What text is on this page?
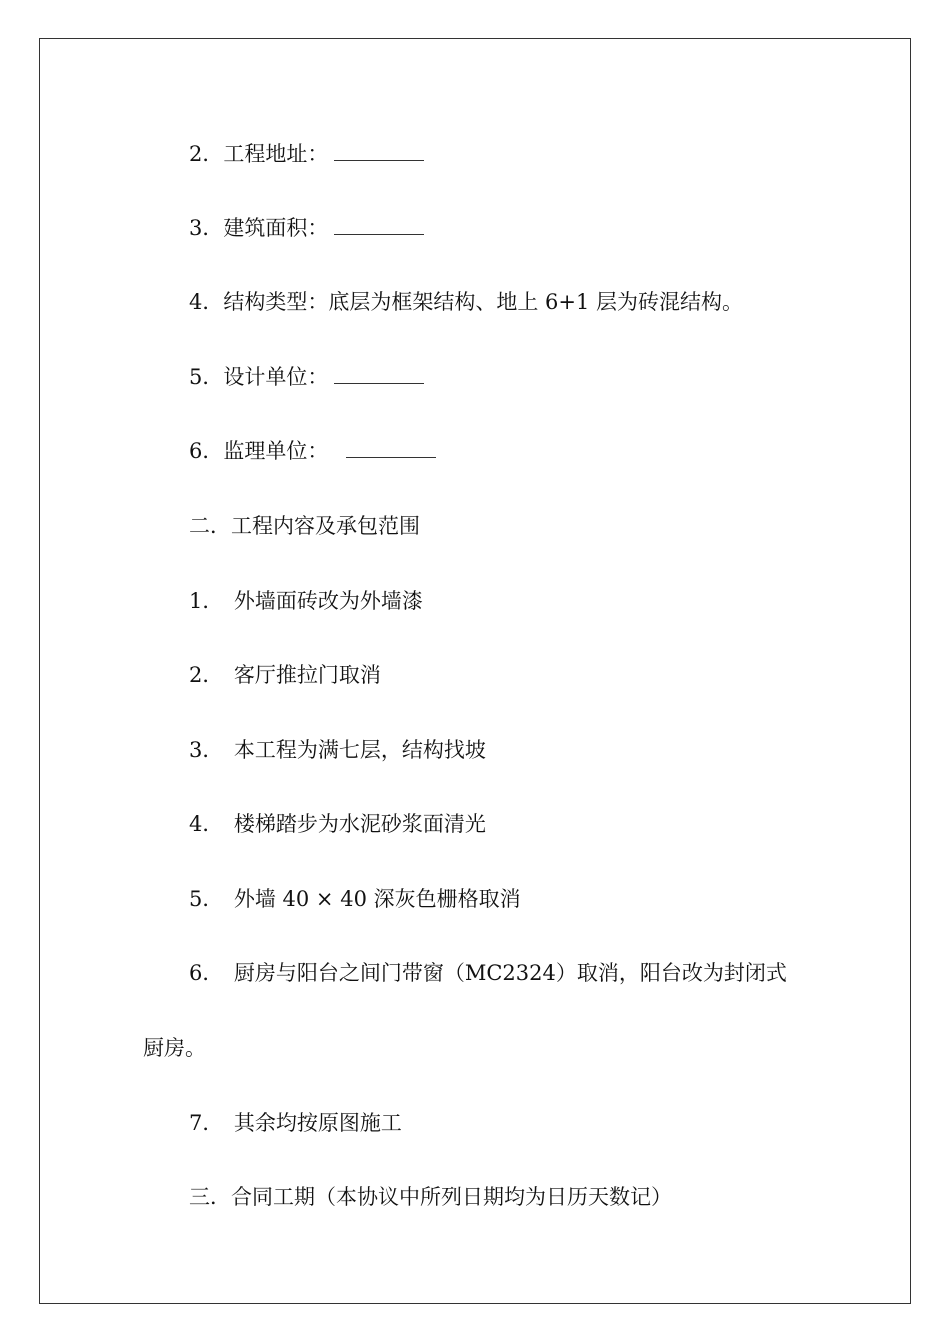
2．工程地址：
3．建筑面积：
4．结构类型：底层为框架结构、地上 6+1 层为砖混结构。
5．设计单位：
6．监理单位：
二．工程内容及承包范围
1．　外墙面砖改为外墙漆
2．　客厅推拉门取消
3．　本工程为满七层，结构找坡
4．　楼梯踏步为水泥砂浆面清光
5．　外墙 40 × 40 深灰色栅格取消
6．　厨房与阳台之间门带窗（MC2324）取消，阳台改为封闭式
厨房。
7．　其余均按原图施工
三．合同工期（本协议中所列日期均为日历天数记）
